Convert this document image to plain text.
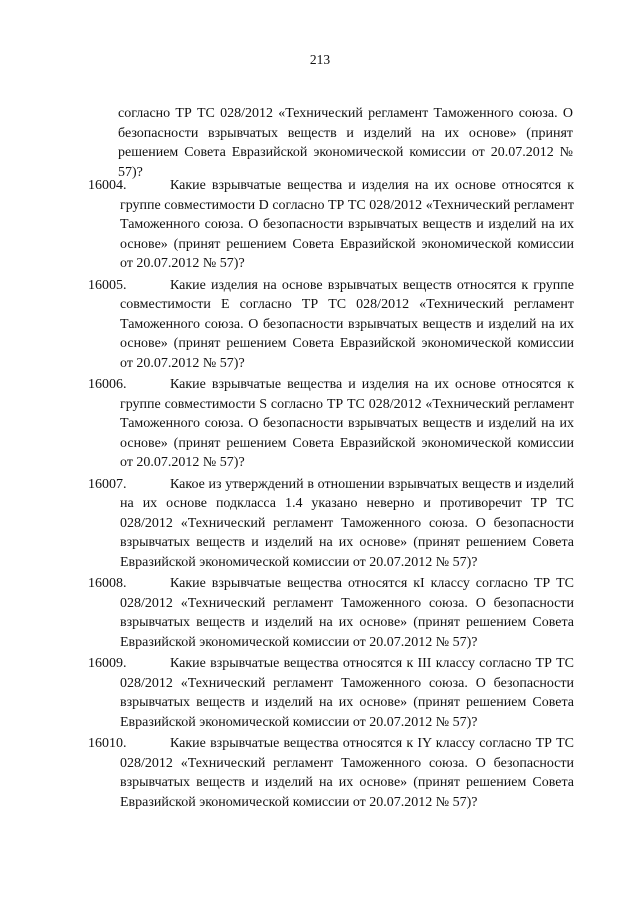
213
согласно ТР ТС 028/2012 «Технический регламент Таможенного союза. О безопасности взрывчатых веществ и изделий на их основе» (принят решением Совета Евразийской экономической комиссии от 20.07.2012 № 57)?
16004.	Какие взрывчатые вещества и изделия на их основе относятся к группе совместимости D согласно ТР ТС 028/2012 «Технический регламент Таможенного союза. О безопасности взрывчатых веществ и изделий на их основе» (принят решением Совета Евразийской экономической комиссии от 20.07.2012 № 57)?
16005.	Какие изделия на основе взрывчатых веществ относятся к группе совместимости E согласно ТР ТС 028/2012 «Технический регламент Таможенного союза. О безопасности взрывчатых веществ и изделий на их основе» (принят решением Совета Евразийской экономической комиссии от 20.07.2012 № 57)?
16006.	Какие взрывчатые вещества и изделия на их основе относятся к группе совместимости S согласно ТР ТС 028/2012 «Технический регламент Таможенного союза. О безопасности взрывчатых веществ и изделий на их основе» (принят решением Совета Евразийской экономической комиссии от 20.07.2012 № 57)?
16007.	Какое из утверждений в отношении взрывчатых веществ и изделий на их основе подкласса 1.4 указано неверно и противоречит ТР ТС 028/2012 «Технический регламент Таможенного союза. О безопасности взрывчатых веществ и изделий на их основе» (принят решением Совета Евразийской экономической комиссии от 20.07.2012 № 57)?
16008.	Какие взрывчатые вещества относятся кI классу согласно ТР ТС 028/2012 «Технический регламент Таможенного союза. О безопасности взрывчатых веществ и изделий на их основе» (принят решением Совета Евразийской экономической комиссии от 20.07.2012 № 57)?
16009.	Какие взрывчатые вещества относятся к III классу согласно ТР ТС 028/2012 «Технический регламент Таможенного союза. О безопасности взрывчатых веществ и изделий на их основе» (принят решением Совета Евразийской экономической комиссии от 20.07.2012 № 57)?
16010.	Какие взрывчатые вещества относятся к IY классу согласно ТР ТС 028/2012 «Технический регламент Таможенного союза. О безопасности взрывчатых веществ и изделий на их основе» (принят решением Совета Евразийской экономической комиссии от 20.07.2012 № 57)?
